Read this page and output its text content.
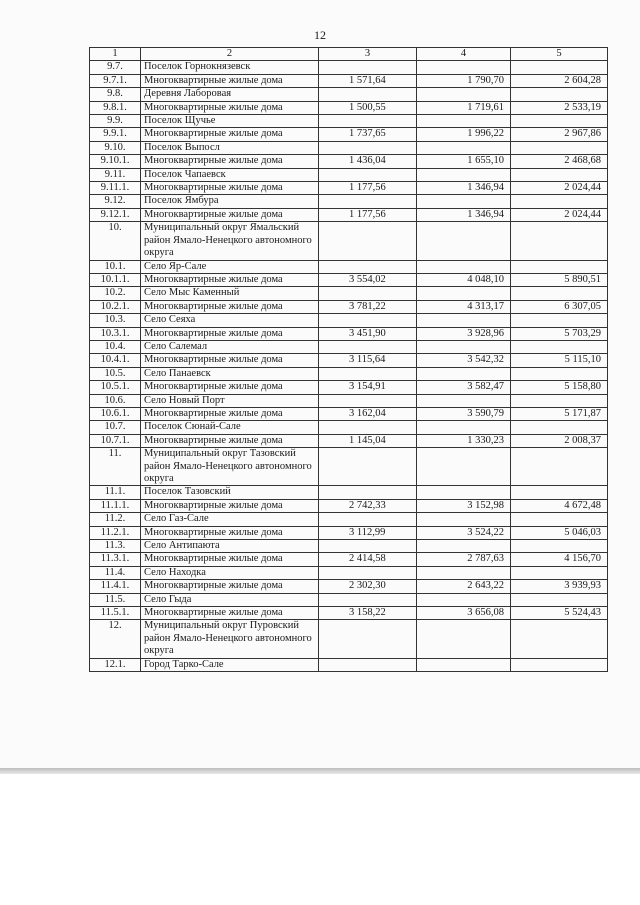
12
1	2	3	4	5
9.7.	Поселок Горнокнязевск			
9.7.1.	Многоквартирные жилые дома	1 571,64	1 790,70	2 604,28
9.8.	Деревня Лаборовая			
9.8.1.	Многоквартирные жилые дома	1 500,55	1 719,61	2 533,19
9.9.	Поселок Щучье			
9.9.1.	Многоквартирные жилые дома	1 737,65	1 996,22	2 967,86
9.10.	Поселок Выпосл			
9.10.1.	Многоквартирные жилые дома	1 436,04	1 655,10	2 468,68
9.11.	Поселок Чапаевск			
9.11.1.	Многоквартирные жилые дома	1 177,56	1 346,94	2 024,44
9.12.	Поселок Ямбура			
9.12.1.	Многоквартирные жилые дома	1 177,56	1 346,94	2 024,44
10.	Муниципальный округ Ямальский район Ямало-Ненецкого автономного округа			
10.1.	Село Яр-Сале			
10.1.1.	Многоквартирные жилые дома	3 554,02	4 048,10	5 890,51
10.2.	Село Мыс Каменный			
10.2.1.	Многоквартирные жилые дома	3 781,22	4 313,17	6 307,05
10.3.	Село Сеяха			
10.3.1.	Многоквартирные жилые дома	3 451,90	3 928,96	5 703,29
10.4.	Село Салемал			
10.4.1.	Многоквартирные жилые дома	3 115,64	3 542,32	5 115,10
10.5.	Село Панаевск			
10.5.1.	Многоквартирные жилые дома	3 154,91	3 582,47	5 158,80
10.6.	Село Новый Порт			
10.6.1.	Многоквартирные жилые дома	3 162,04	3 590,79	5 171,87
10.7.	Поселок Сюнай-Сале			
10.7.1.	Многоквартирные жилые дома	1 145,04	1 330,23	2 008,37
11.	Муниципальный округ Тазовский район Ямало-Ненецкого автономного округа			
11.1.	Поселок Тазовский			
11.1.1.	Многоквартирные жилые дома	2 742,33	3 152,98	4 672,48
11.2.	Село Газ-Сале			
11.2.1.	Многоквартирные жилые дома	3 112,99	3 524,22	5 046,03
11.3.	Село Антипаюта			
11.3.1.	Многоквартирные жилые дома	2 414,58	2 787,63	4 156,70
11.4.	Село Находка			
11.4.1.	Многоквартирные жилые дома	2 302,30	2 643,22	3 939,93
11.5.	Село Гыда			
11.5.1.	Многоквартирные жилые дома	3 158,22	3 656,08	5 524,43
12.	Муниципальный округ Пуровский район Ямало-Ненецкого автономного округа			
12.1.	Город Тарко-Сале			
